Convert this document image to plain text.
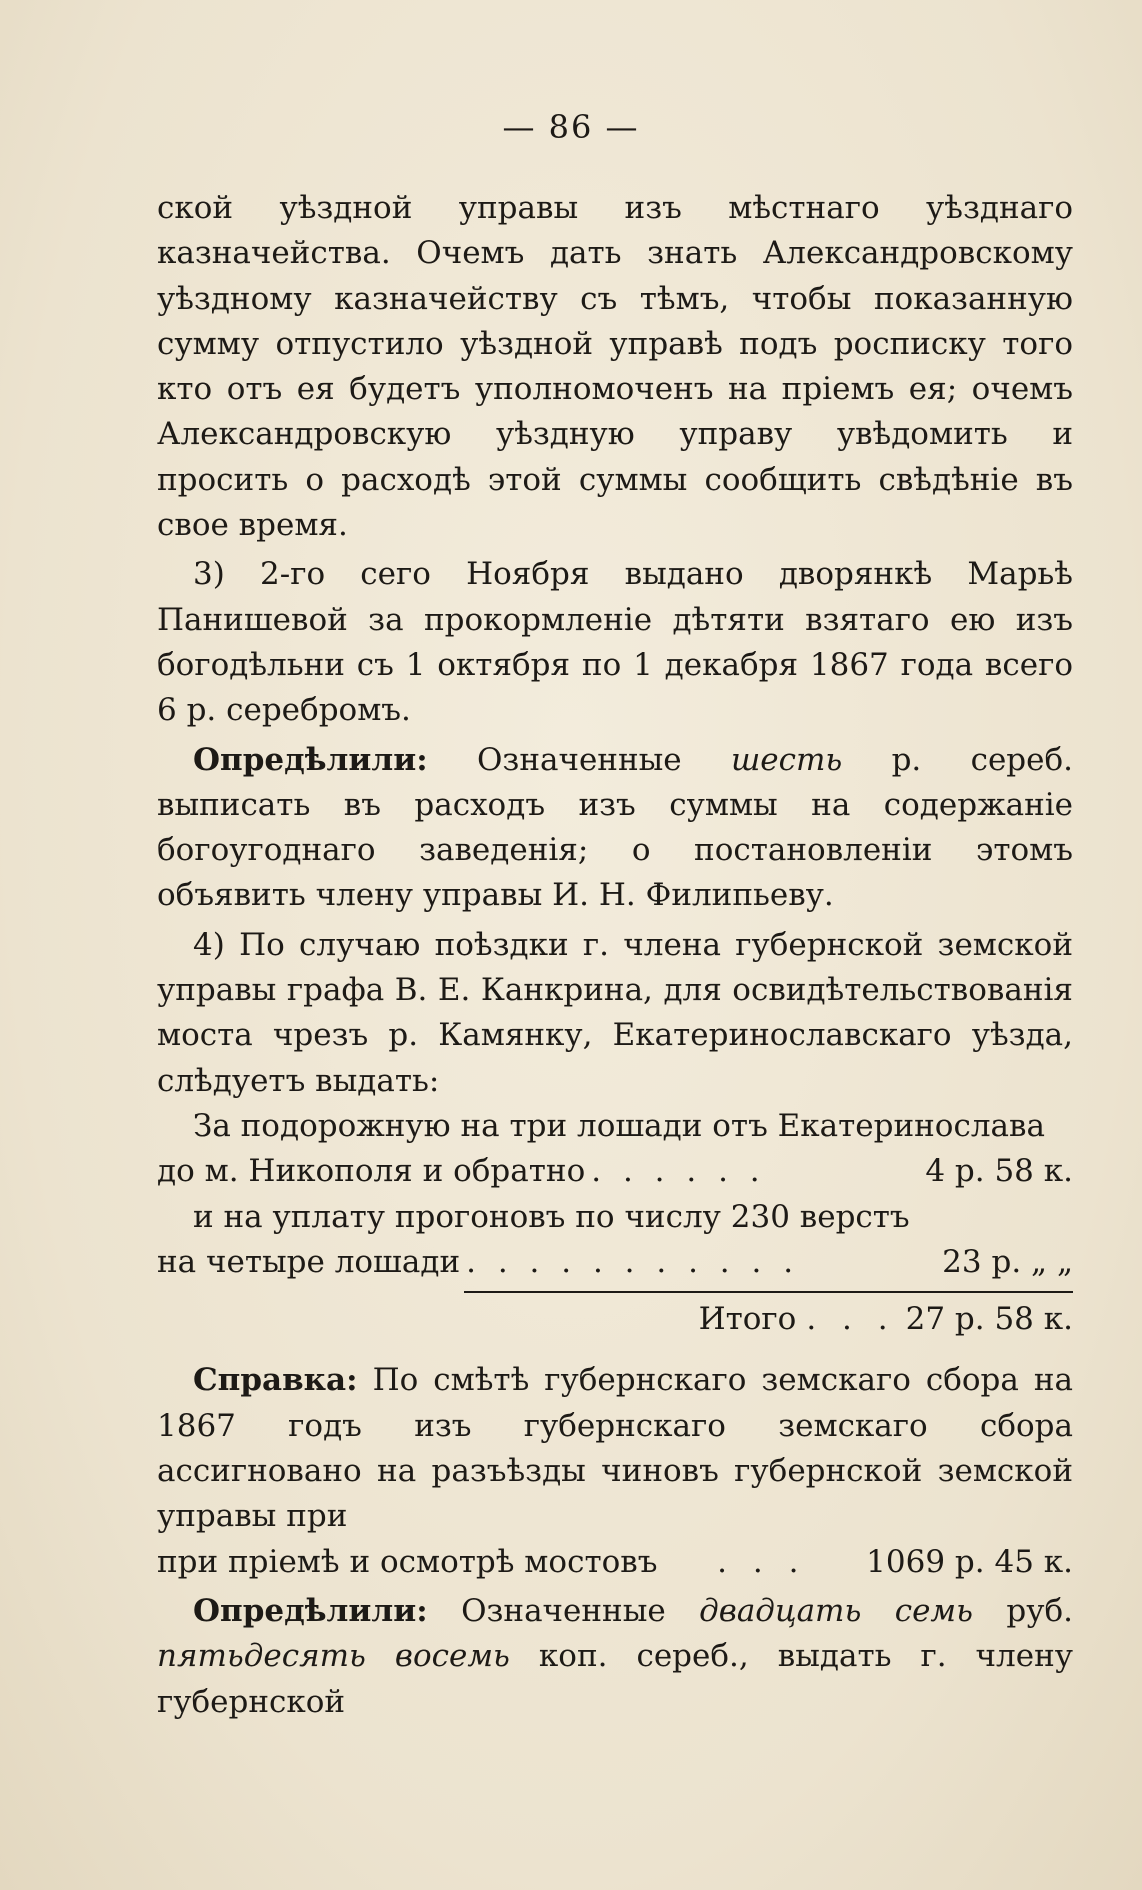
— 86 —

ской уѣздной управы изъ мѣстнаго уѣзднаго казначейства. Очемъ дать знать Александровскому уѣздному казначейству съ тѣмъ, чтобы показанную сумму отпустило уѣздной управѣ подъ росписку того кто отъ ея будетъ уполномоченъ на пріемъ ея; очемъ Александровскую уѣздную управу увѣдомить и просить о расходѣ этой суммы сообщить свѣдѣніе въ свое время.

3) 2-го сего Ноября выдано дворянкѣ Марьѣ Панишевой за прокормленіе дѣтяти взятаго ею изъ богодѣльни съ 1 октября по 1 декабря 1867 года всего 6 р. серебромъ.

Опредѣлили: Означенные шесть р. сереб. выписать въ расходъ изъ суммы на содержаніе богоугоднаго заведенія; о постановленіи этомъ объявить члену управы И. Н. Филипьеву.

4) По случаю поѣздки г. члена губернской земской управы графа В. Е. Канкрина, для освидѣтельствованія моста чрезъ р. Камянку, Екатеринославскаго уѣзда, слѣдуетъ выдать:

За подорожную на три лошади отъ Екатеринослава
до м. Никополя и обратно . . . . . .	4 р. 58 к.
и на уплату прогоновъ по числу 230 верстъ
на четыре лошади . . . . . . . . . . .	23 р. „ „
Итого . . . 27 р. 58 к.

Справка: По смѣтѣ губернскаго земскаго сбора на 1867 годъ изъ губернскаго земскаго сбора ассигновано на разъѣзды чиновъ губернской земской управы при

при пріемѣ и осмотрѣ мостовъ	. . .	1069 р. 45 к.

Опредѣлили: Означенные двадцать семь руб. пятьдесять восемь коп. сереб., выдать г. члену губернской
